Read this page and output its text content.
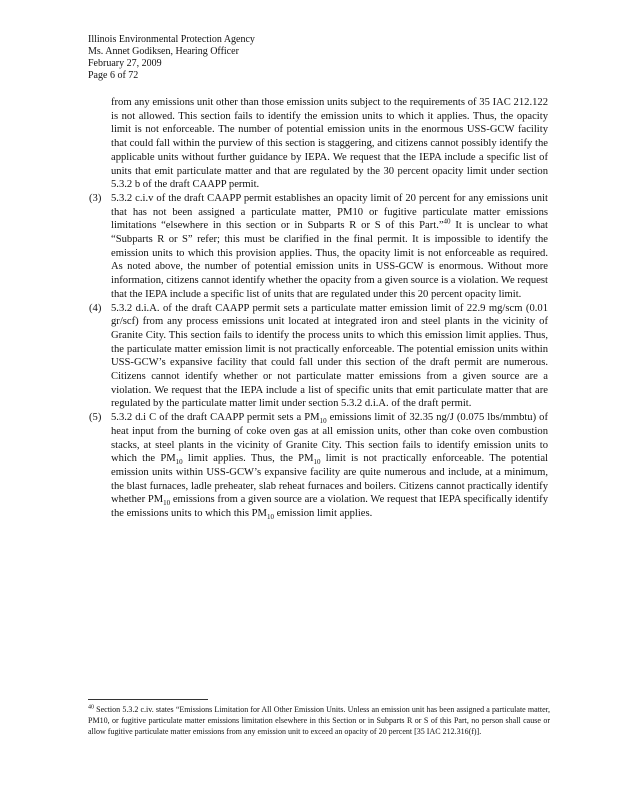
Illinois Environmental Protection Agency
Ms. Annet Godiksen, Hearing Officer
February 27, 2009
Page 6 of 72

from any emissions unit other than those emission units subject to the requirements of 35 IAC 212.122 is not allowed. This section fails to identify the emission units to which it applies. Thus, the opacity limit is not enforceable. The number of potential emission units in the enormous USS-GCW facility that could fall within the purview of this section is staggering, and citizens cannot possibly identify the applicable units without further guidance by IEPA. We request that the IEPA include a specific list of units that emit particulate matter and that are regulated by the 30 percent opacity limit under section 5.3.2 b of the draft CAAPP permit.

(3) 5.3.2 c.i.v of the draft CAAPP permit establishes an opacity limit of 20 percent for any emissions unit that has not been assigned a particulate matter, PM10 or fugitive particulate matter emissions limitations “elsewhere in this section or in Subparts R or S of this Part.”$^{40}$ It is unclear to what “Subparts R or S” refer; this must be clarified in the final permit. It is impossible to identify the emission units to which this provision applies. Thus, the opacity limit is not enforceable as required. As noted above, the number of potential emission units in USS-GCW is enormous. Without more information, citizens cannot identify whether the opacity from a given source is a violation. We request that the IEPA include a specific list of units that are regulated under this 20 percent opacity limit.
(4) 5.3.2 d.i.A. of the draft CAAPP permit sets a particulate matter emission limit of 22.9 mg/scm (0.01 gr/scf) from any process emissions unit located at integrated iron and steel plants in the vicinity of Granite City. This section fails to identify the process units to which this emission limit applies. Thus, the particulate matter emission limit is not practically enforceable. The potential emission units within USS-GCW’s expansive facility that could fall under this section of the draft permit are numerous. Citizens cannot identify whether or not particulate matter emissions from a given source are a violation. We request that the IEPA include a list of specific units that emit particulate matter that are regulated by the particulate matter limit under section 5.3.2 d.i.A. of the draft permit.
(5) 5.3.2 d.i C of the draft CAAPP permit sets a $PM_{10}$ emissions limit of 32.35 ng/J (0.075 lbs/mmbtu) of heat input from the burning of coke oven gas at all emission units, other than coke oven combustion stacks, at steel plants in the vicinity of Granite City. This section fails to identify emission units to which the $PM_{10}$ limit applies. Thus, the $PM_{10}$ limit is not practically enforceable. The potential emission units within USS-GCW’s expansive facility are quite numerous and include, at a minimum, the blast furnaces, ladle preheater, slab reheat furnaces and boilers. Citizens cannot practically identify whether $PM_{10}$ emissions from a given source are a violation. We request that IEPA specifically identify the emissions units to which this $PM_{10}$ emission limit applies.
$^{40}$ Section 5.3.2 c.iv. states “Emissions Limitation for All Other Emission Units. Unless an emission unit has been assigned a particulate matter, PM10, or fugitive particulate matter emissions limitation elsewhere in this Section or in Subparts R or S of this Part, no person shall cause or allow fugitive particulate matter emissions from any emission unit to exceed an opacity of 20 percent [35 IAC 212.316(f)].
